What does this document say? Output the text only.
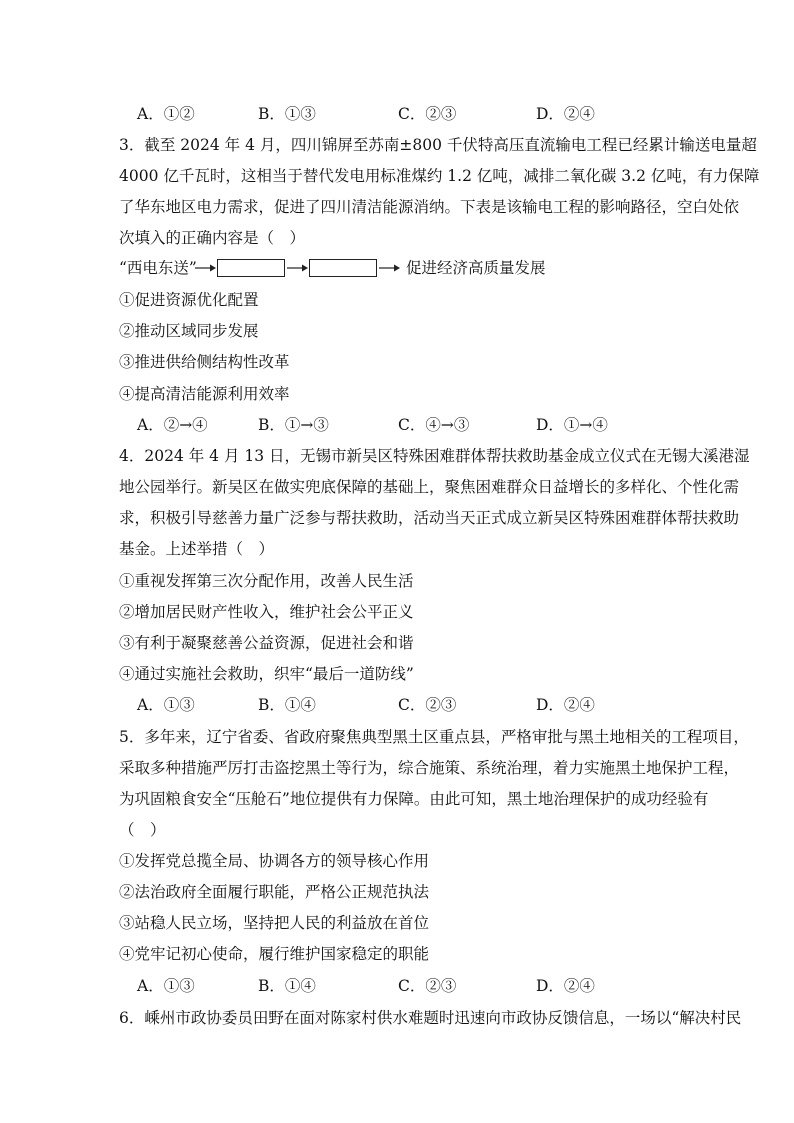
A．①②	B．①③	C．②③	D．②④
3．截至 2024 年 4 月，四川锦屏至苏南±800 千伏特高压直流输电工程已经累计输送电量超
4000 亿千瓦时，这相当于替代发电用标准煤约 1.2 亿吨，减排二氧化碳 3.2 亿吨，有力保障
了华东地区电力需求，促进了四川清洁能源消纳。下表是该输电工程的影响路径，空白处依
次填入的正确内容是（　）
“西电东送”	促进经济高质量发展
①促进资源优化配置
②推动区域同步发展
③推进供给侧结构性改革
④提高清洁能源利用效率
A．②→④	B．①→③	C．④→③	D．①→④
4．2024 年 4 月 13 日，无锡市新吴区特殊困难群体帮扶救助基金成立仪式在无锡大溪港湿
地公园举行。新吴区在做实兜底保障的基础上，聚焦困难群众日益增长的多样化、个性化需
求，积极引导慈善力量广泛参与帮扶救助，活动当天正式成立新吴区特殊困难群体帮扶救助
基金。上述举措（　）
①重视发挥第三次分配作用，改善人民生活
②增加居民财产性收入，维护社会公平正义
③有利于凝聚慈善公益资源，促进社会和谐
④通过实施社会救助，织牢“最后一道防线”
A．①③	B．①④	C．②③	D．②④
5．多年来，辽宁省委、省政府聚焦典型黑土区重点县，严格审批与黑土地相关的工程项目，
采取多种措施严厉打击盗挖黑土等行为，综合施策、系统治理，着力实施黑土地保护工程，
为巩固粮食安全“压舱石”地位提供有力保障。由此可知，黑土地治理保护的成功经验有
（　）
①发挥党总揽全局、协调各方的领导核心作用
②法治政府全面履行职能，严格公正规范执法
③站稳人民立场，坚持把人民的利益放在首位
④党牢记初心使命，履行维护国家稳定的职能
A．①③	B．①④	C．②③	D．②④
6．嵊州市政协委员田野在面对陈家村供水难题时迅速向市政协反馈信息，一场以“解决村民
